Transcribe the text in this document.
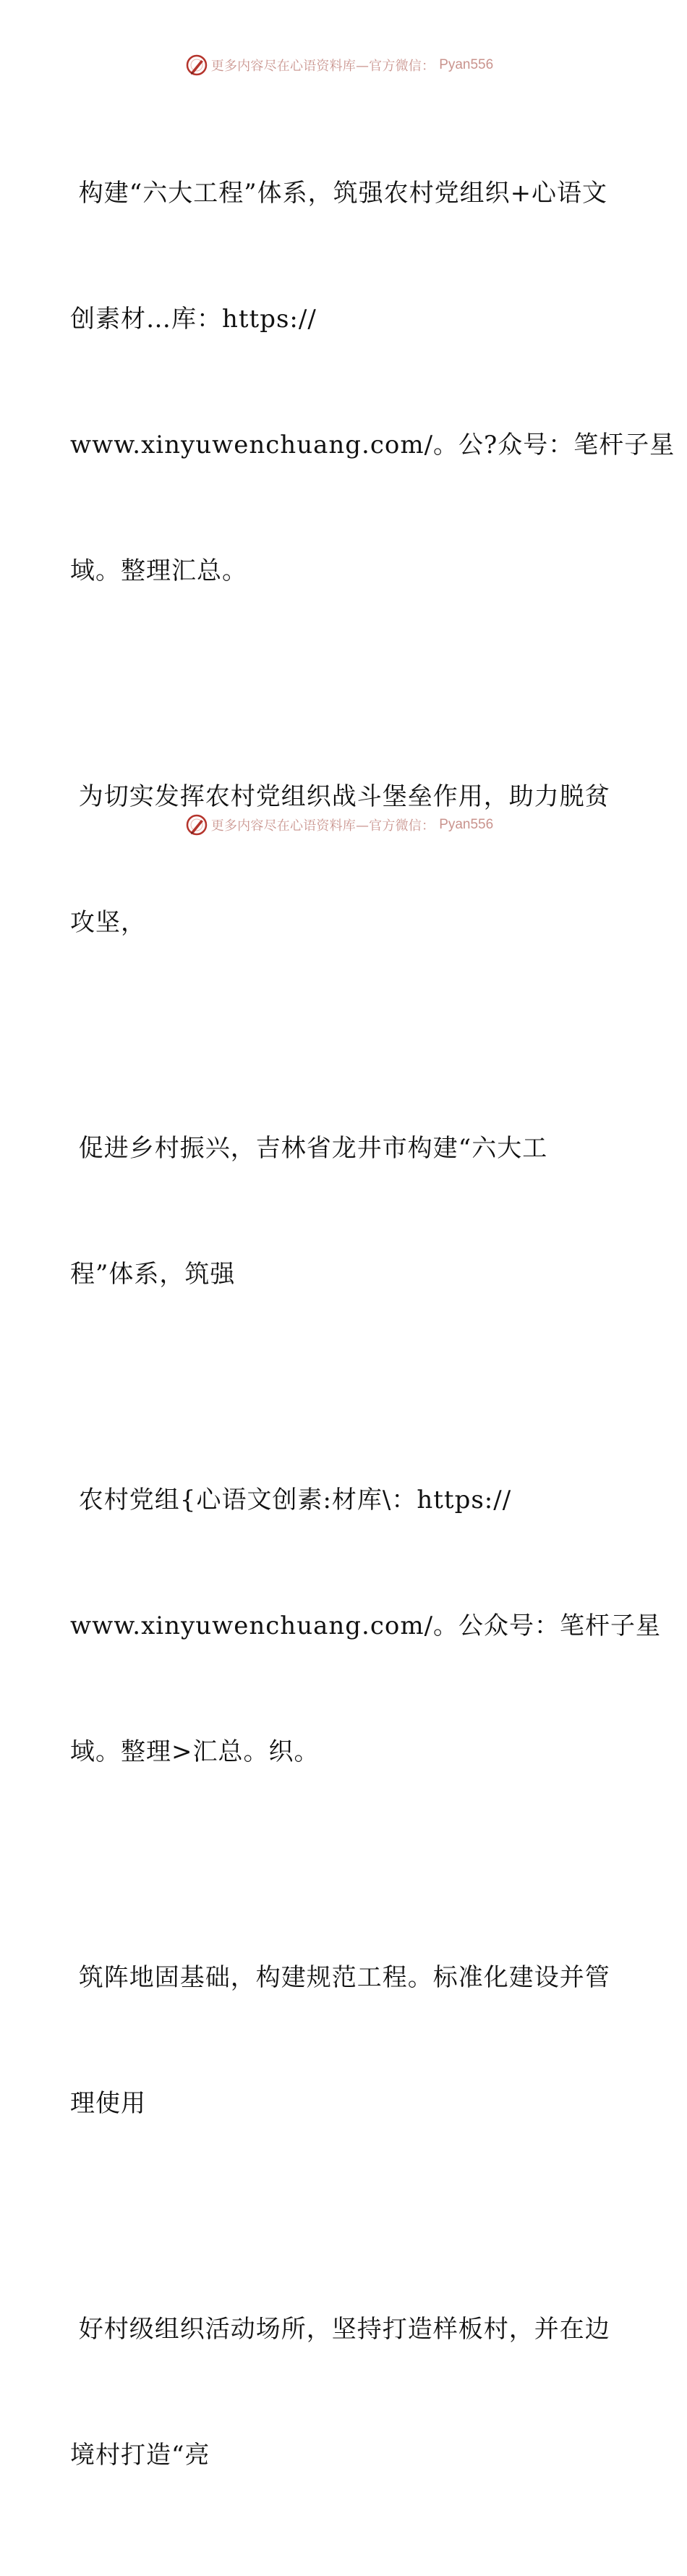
更多内容尽在心语资料库—官方微信： Pyan556

构建“六大工程”体系，筑强农村党组织+心语文

创素材…库：https://

www.xinyuwenchuang.com/。公?众号：笔杆子星

域。整理汇总。

为切实发挥农村党组织战斗堡垒作用，助力脱贫

攻坚，

促进乡村振兴，吉林省龙井市构建“六大工

程”体系，筑强

农村党组{心语文创素:材库\：https://

www.xinyuwenchuang.com/。公众号：笔杆子星

域。整理>汇总。织。

筑阵地固基础，构建规范工程。标准化建设并管

理使用

好村级组织活动场所，坚持打造样板村，并在边

境村打造“亮

更多内容尽在心语资料库—官方微信： Pyan556
